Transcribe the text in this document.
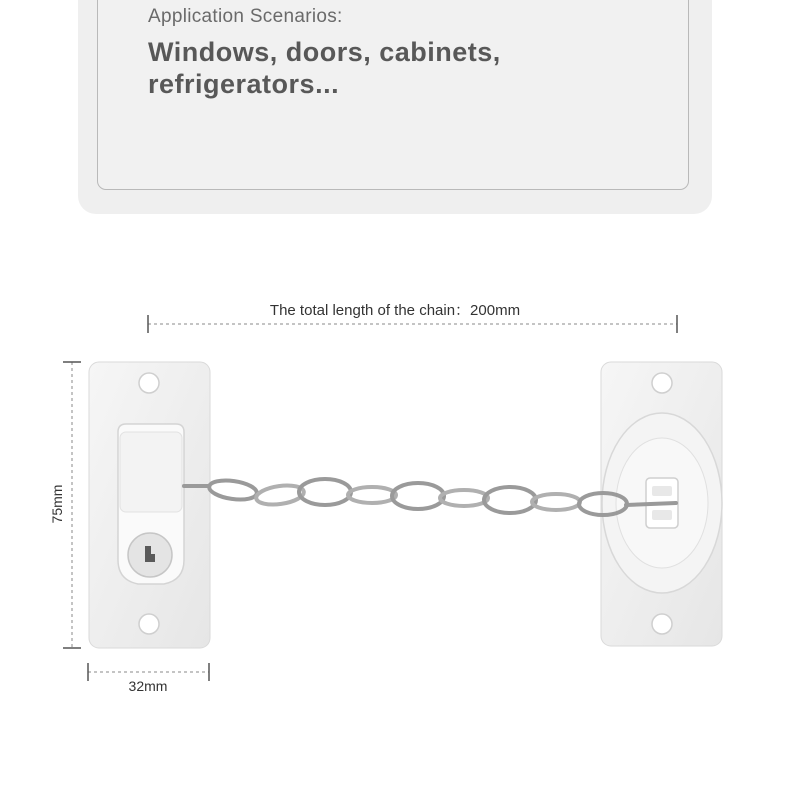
Application Scenarios:
Windows, doors, cabinets, refrigerators...
The total length of the chain：200mm
75mm
32mm
